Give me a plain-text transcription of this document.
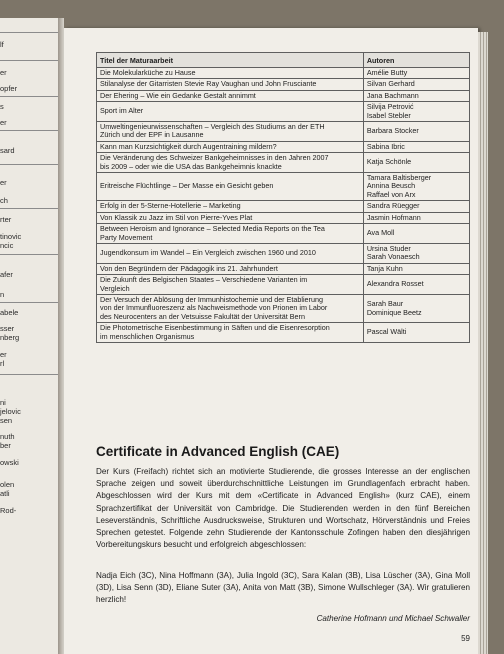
lf
er
opfer
s
er
sard
er
ch
rter
tinovic
ncic
afer
n
abele
sser
nberg
er
rl
ni
jelovic
sen
nuth
ber
owski
olen
atli
Rod-
Titel der Maturaarbeit	Autoren
Die Molekularküche zu Hause	Amélie Butty
Stilanalyse der Gitarristen Stevie Ray Vaughan und John Frusciante	Silvan Gerhard
Der Ehering – Wie ein Gedanke Gestalt annimmt	Jana Bachmann
Sport im Alter	Silvija Petrović
Isabel Stebler
Umweltingenieurwissenschaften – Vergleich des Studiums an der ETH
Zürich und der EPF in Lausanne	Barbara Stocker
Kann man Kurzsichtigkeit durch Augentraining mildern?	Sabina Ibric
Die Veränderung des Schweizer Bankgeheimnisses in den Jahren 2007
bis 2009 – oder wie die USA das Bankgeheimnis knackte	Katja Schönle
Eritreische Flüchtlinge – Der Masse ein Gesicht geben	Tamara Baltisberger
Annina Beusch
Raffael von Arx
Erfolg in der 5-Sterne-Hotellerie – Marketing	Sandra Rüegger
Von Klassik zu Jazz im Stil von Pierre-Yves Plat	Jasmin Hofmann
Between Heroism and Ignorance – Selected Media Reports on the Tea
Party Movement	Ava Moll
Jugendkonsum im Wandel – Ein Vergleich zwischen 1960 und 2010	Ursina Studer
Sarah Vonaesch
Von den Begründern der Pädagogik ins 21. Jahrhundert	Tanja Kuhn
Die Zukunft des Belgischen Staates – Verschiedene Varianten im
Vergleich	Alexandra Rosset
Der Versuch der Ablösung der Immunhistochemie und der Etablierung
von der Immunfluoreszenz als Nachweismethode von Prionen im Labor
des Neurocenters an der Vetsuisse Fakultät der Universität Bern	Sarah Baur
Dominique Beetz
Die Photometrische Eisenbestimmung in Säften und die Eisenresorption
im menschlichen Organismus	Pascal Wälti
Certificate in Advanced English (CAE)

Der Kurs (Freifach) richtet sich an motivierte Studierende, die grosses Interesse an der englischen Sprache zeigen und soweit überdurchschnittliche Leistungen im Grundlagenfach erbracht haben. Abgeschlossen wird der Kurs mit dem «Certificate in Advanced English» (kurz CAE), einem Sprachzertifikat der Universität von Cambridge. Die Studierenden werden in den fünf Bereichen Leseverständnis, Schriftliche Ausdrucksweise, Strukturen und Wortschatz, Hörverständnis und Freies Sprechen getestet. Folgende zehn Studierende der Kantonsschule Zofingen haben den diesjährigen Vorbereitungskurs besucht und erfolgreich abgeschlossen:

Nadja Eich (3C), Nina Hoffmann (3A), Julia Ingold (3C), Sara Kalan (3B), Lisa Lüscher (3A), Gina Moll (3D), Lisa Senn (3D), Eliane Suter (3A), Anita von Matt (3B), Simone Wullschleger (3A). Wir gratulieren herzlich!

Catherine Hofmann und Michael Schwaller
59
